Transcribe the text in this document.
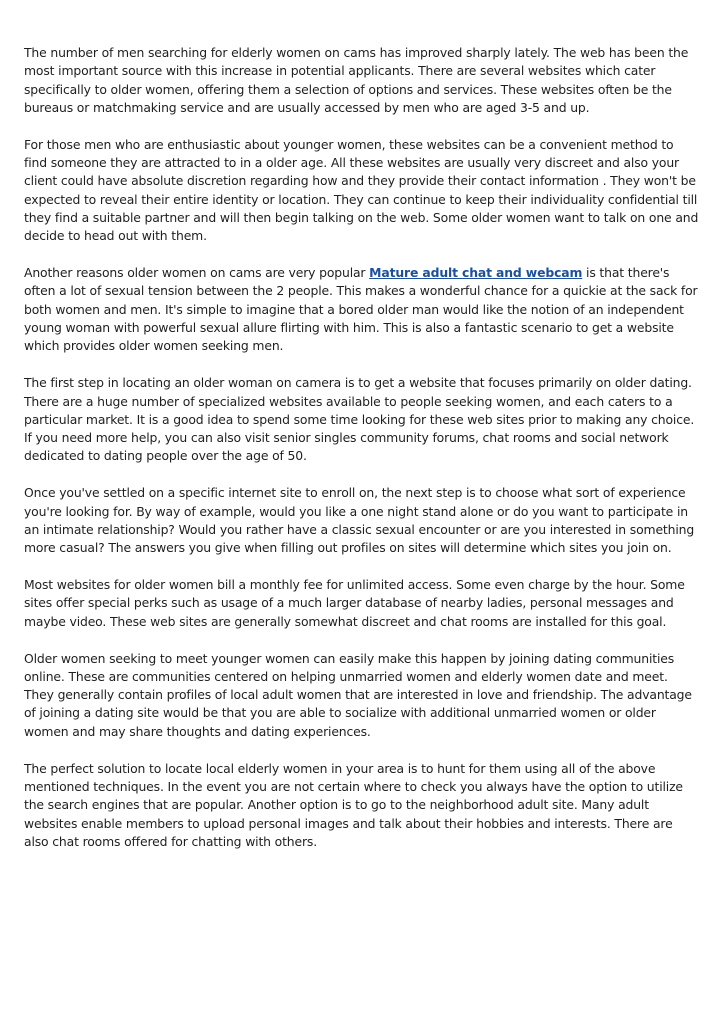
The number of men searching for elderly women on cams has improved sharply lately. The web has been the most important source with this increase in potential applicants. There are several websites which cater specifically to older women, offering them a selection of options and services. These websites often be the bureaus or matchmaking service and are usually accessed by men who are aged 3-5 and up.

For those men who are enthusiastic about younger women, these websites can be a convenient method to find someone they are attracted to in a older age. All these websites are usually very discreet and also your client could have absolute discretion regarding how and they provide their contact information . They won't be expected to reveal their entire identity or location. They can continue to keep their individuality confidential till they find a suitable partner and will then begin talking on the web. Some older women want to talk on one and decide to head out with them.

Another reasons older women on cams are very popular Mature adult chat and webcam is that there's often a lot of sexual tension between the 2 people. This makes a wonderful chance for a quickie at the sack for both women and men. It's simple to imagine that a bored older man would like the notion of an independent young woman with powerful sexual allure flirting with him. This is also a fantastic scenario to get a website which provides older women seeking men.

The first step in locating an older woman on camera is to get a website that focuses primarily on older dating. There are a huge number of specialized websites available to people seeking women, and each caters to a particular market. It is a good idea to spend some time looking for these web sites prior to making any choice. If you need more help, you can also visit senior singles community forums, chat rooms and social network dedicated to dating people over the age of 50.

Once you've settled on a specific internet site to enroll on, the next step is to choose what sort of experience you're looking for. By way of example, would you like a one night stand alone or do you want to participate in an intimate relationship? Would you rather have a classic sexual encounter or are you interested in something more casual? The answers you give when filling out profiles on sites will determine which sites you join on.

Most websites for older women bill a monthly fee for unlimited access. Some even charge by the hour. Some sites offer special perks such as usage of a much larger database of nearby ladies, personal messages and maybe video. These web sites are generally somewhat discreet and chat rooms are installed for this goal.

Older women seeking to meet younger women can easily make this happen by joining dating communities online. These are communities centered on helping unmarried women and elderly women date and meet. They generally contain profiles of local adult women that are interested in love and friendship. The advantage of joining a dating site would be that you are able to socialize with additional unmarried women or older women and may share thoughts and dating experiences.

The perfect solution to locate local elderly women in your area is to hunt for them using all of the above mentioned techniques. In the event you are not certain where to check you always have the option to utilize the search engines that are popular. Another option is to go to the neighborhood adult site. Many adult websites enable members to upload personal images and talk about their hobbies and interests. There are also chat rooms offered for chatting with others.
